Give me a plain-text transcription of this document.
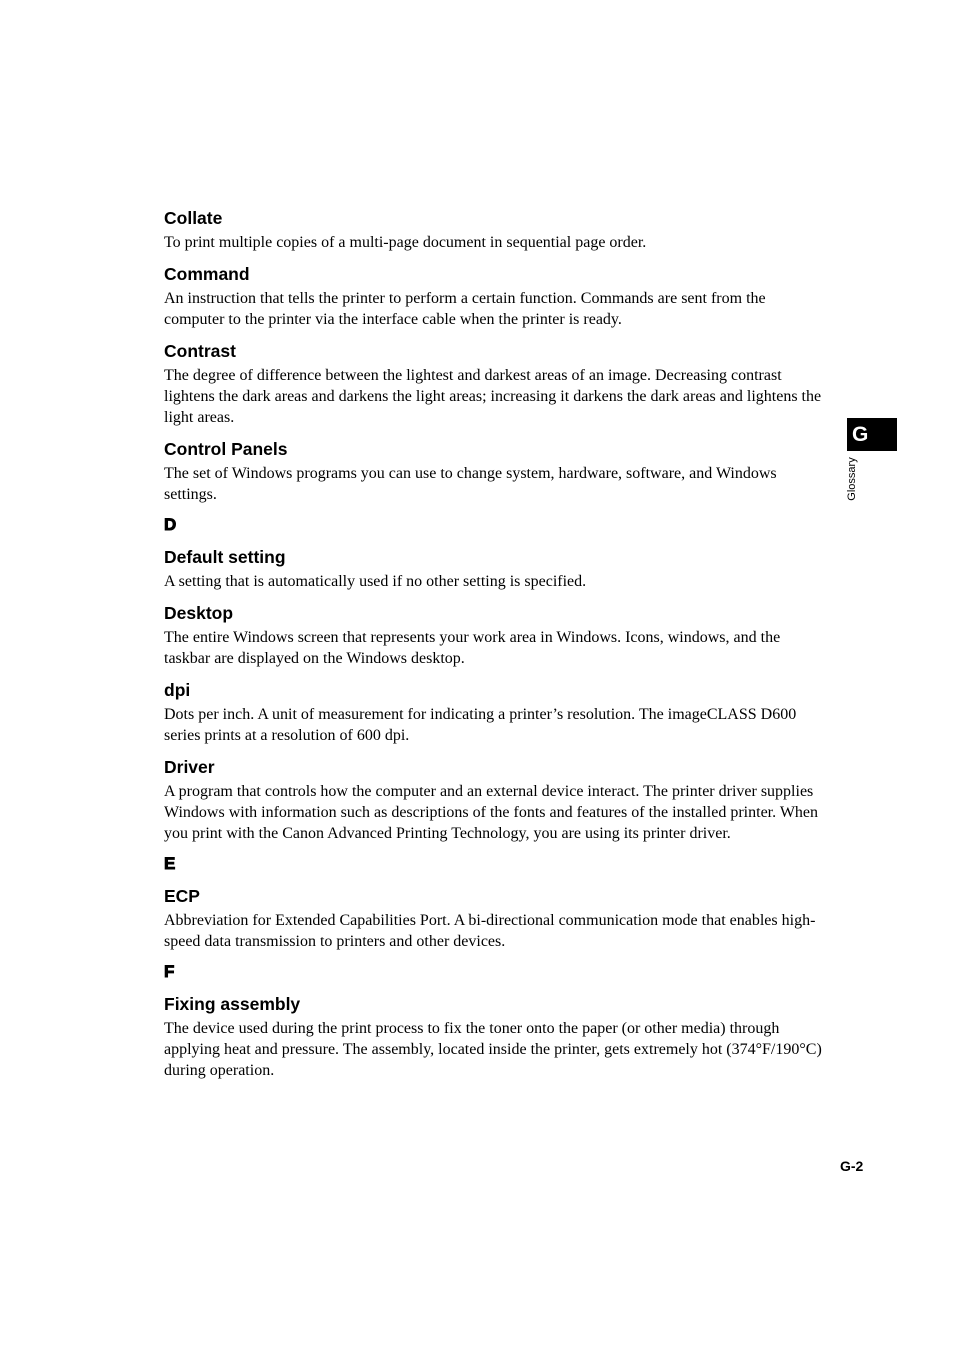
Collate

To print multiple copies of a multi-page document in sequential page order.

Command

An instruction that tells the printer to perform a certain function. Commands are sent from the computer to the printer via the interface cable when the printer is ready.

Contrast

The degree of difference between the lightest and darkest areas of an image. Decreasing contrast lightens the dark areas and darkens the light areas; increasing it darkens the dark areas and lightens the light areas.

Control Panels

The set of Windows programs you can use to change system, hardware, software, and Windows settings.

D
Default setting

A setting that is automatically used if no other setting is specified.

Desktop

The entire Windows screen that represents your work area in Windows. Icons, windows, and the taskbar are displayed on the Windows desktop.

dpi

Dots per inch. A unit of measurement for indicating a printer’s resolution. The imageCLASS D600 series prints at a resolution of 600 dpi.

Driver

A program that controls how the computer and an external device interact. The printer driver supplies Windows with information such as descriptions of the fonts and features of the installed printer. When you print with the Canon Advanced Printing Technology, you are using its printer driver.

E
ECP

Abbreviation for Extended Capabilities Port. A bi-directional communication mode that enables high-speed data transmission to printers and other devices.

F
Fixing assembly

The device used during the print process to fix the toner onto the paper (or other media) through applying heat and pressure. The assembly, located inside the printer, gets extremely hot (374°F/190°C) during operation.

G
Glossary
G-2
